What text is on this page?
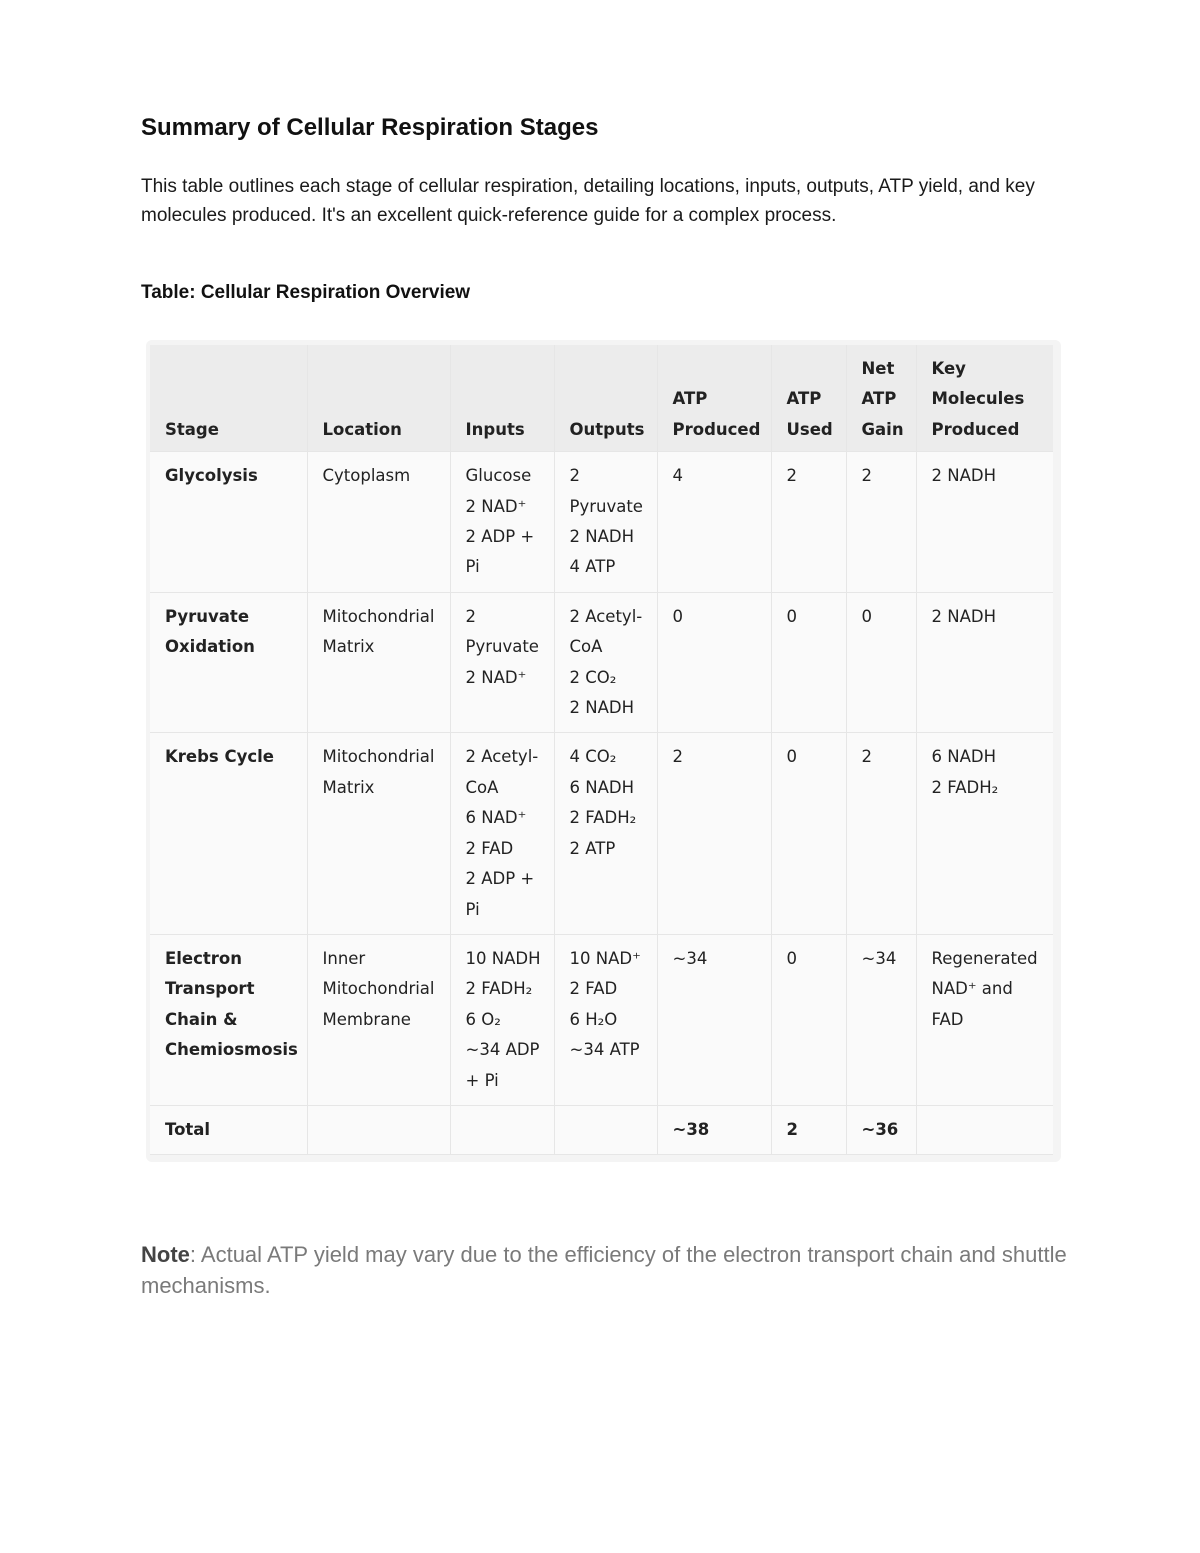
Summary of Cellular Respiration Stages
This table outlines each stage of cellular respiration, detailing locations, inputs, outputs, ATP yield, and key molecules produced. It's an excellent quick-reference guide for a complex process.
Table: Cellular Respiration Overview
Stage	Location	Inputs	Outputs	ATP Produced	ATP Used	Net ATP Gain	Key Molecules Produced
Glycolysis	Cytoplasm	Glucose
2 NAD⁺
2 ADP + Pi	2 Pyruvate
2 NADH
4 ATP	4	2	2	2 NADH
Pyruvate Oxidation	Mitochondrial Matrix	2 Pyruvate
2 NAD⁺	2 Acetyl-CoA
2 CO₂
2 NADH	0	0	0	2 NADH
Krebs Cycle	Mitochondrial Matrix	2 Acetyl-CoA
6 NAD⁺
2 FAD
2 ADP + Pi	4 CO₂
6 NADH
2 FADH₂
2 ATP	2	0	2	6 NADH
2 FADH₂
Electron Transport Chain & Chemiosmosis	Inner Mitochondrial Membrane	10 NADH
2 FADH₂
6 O₂
~34 ADP + Pi	10 NAD⁺
2 FAD
6 H₂O
~34 ATP	~34	0	~34	Regenerated NAD⁺ and FAD
Total				~38	2	~36	
Note: Actual ATP yield may vary due to the efficiency of the electron transport chain and shuttle mechanisms.
